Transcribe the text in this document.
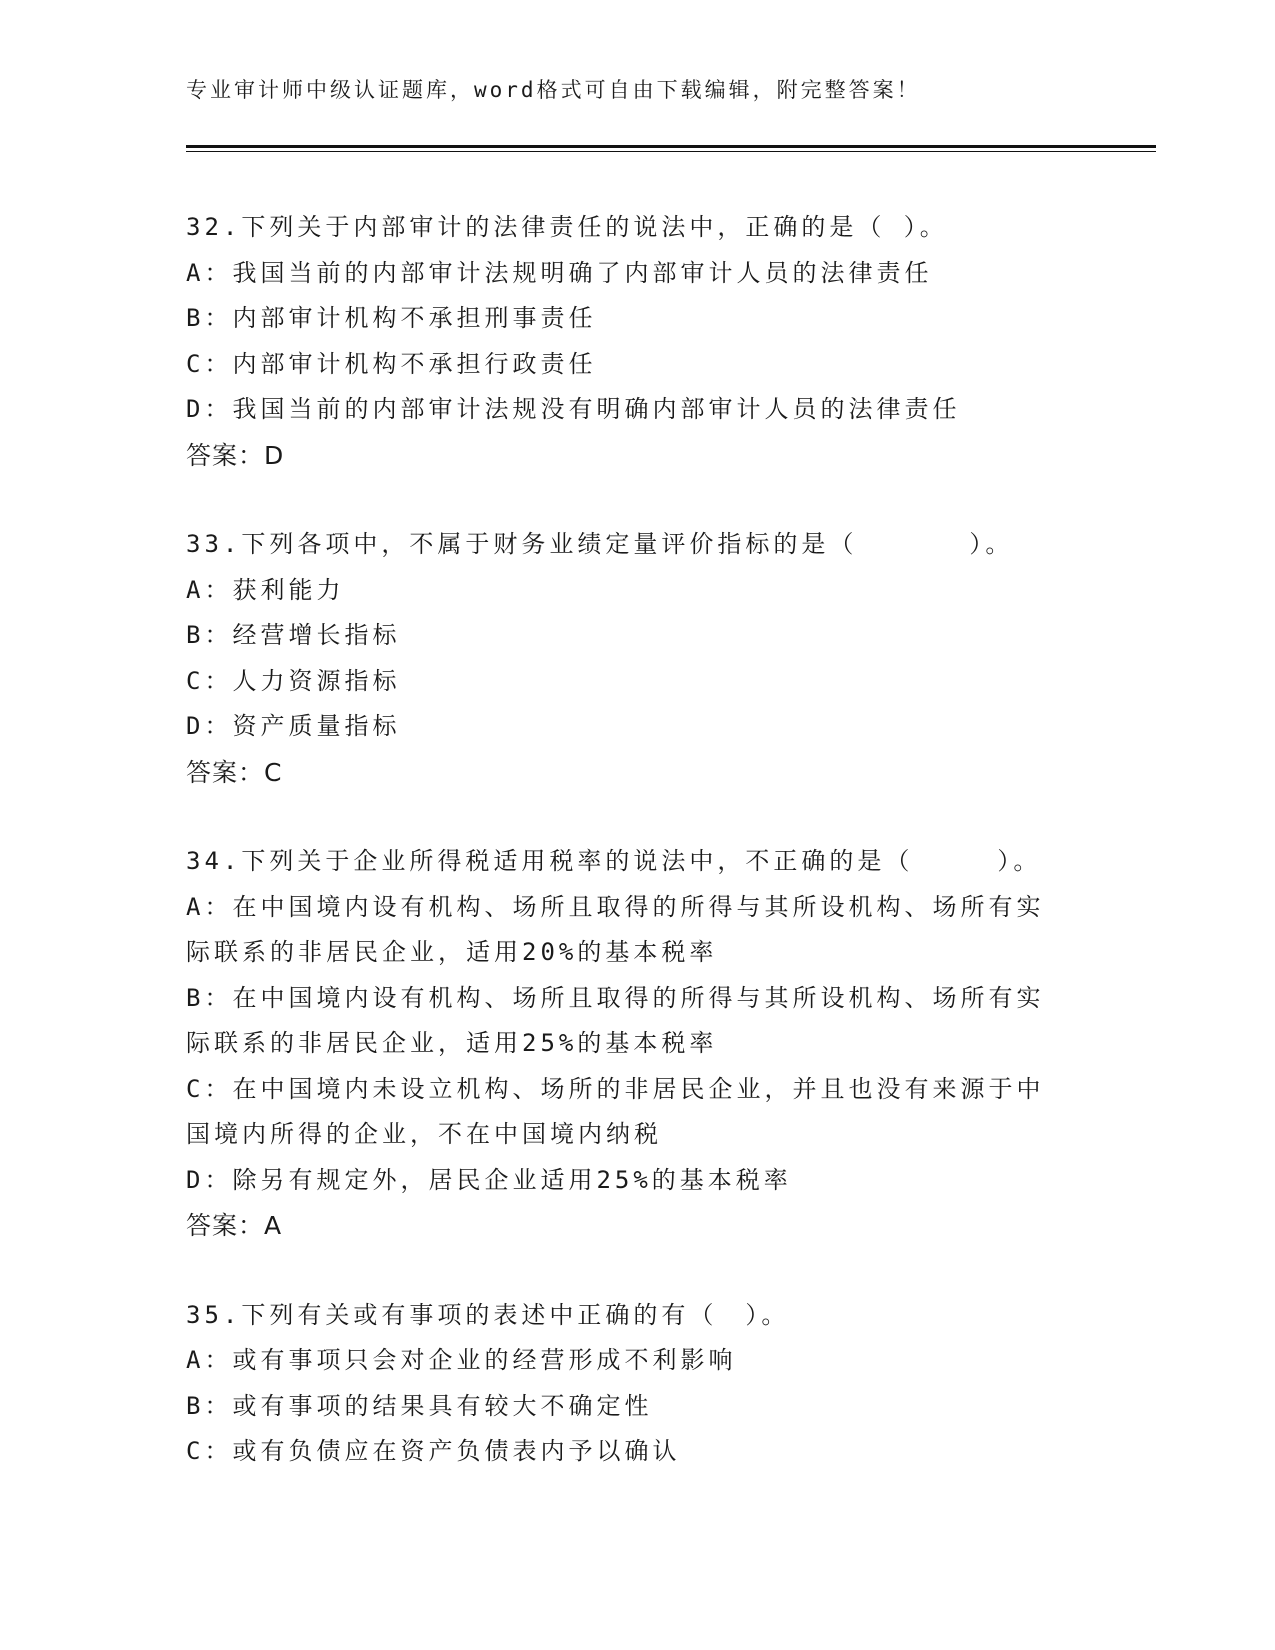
专业审计师中级认证题库，word格式可自由下载编辑，附完整答案！
32.下列关于内部审计的法律责任的说法中，正确的是（ ）。
A：我国当前的内部审计法规明确了内部审计人员的法律责任
B：内部审计机构不承担刑事责任
C：内部审计机构不承担行政责任
D：我国当前的内部审计法规没有明确内部审计人员的法律责任
答案：D
33.下列各项中，不属于财务业绩定量评价指标的是（　　　　）。
A：获利能力
B：经营增长指标
C：人力资源指标
D：资产质量指标
答案：C
34.下列关于企业所得税适用税率的说法中，不正确的是（　　　）。
A：在中国境内设有机构、场所且取得的所得与其所设机构、场所有实
际联系的非居民企业，适用20%的基本税率
B：在中国境内设有机构、场所且取得的所得与其所设机构、场所有实
际联系的非居民企业，适用25%的基本税率
C：在中国境内未设立机构、场所的非居民企业，并且也没有来源于中
国境内所得的企业，不在中国境内纳税
D：除另有规定外，居民企业适用25%的基本税率
答案：A
35.下列有关或有事项的表述中正确的有（　）。
A：或有事项只会对企业的经营形成不利影响
B：或有事项的结果具有较大不确定性
C：或有负债应在资产负债表内予以确认
